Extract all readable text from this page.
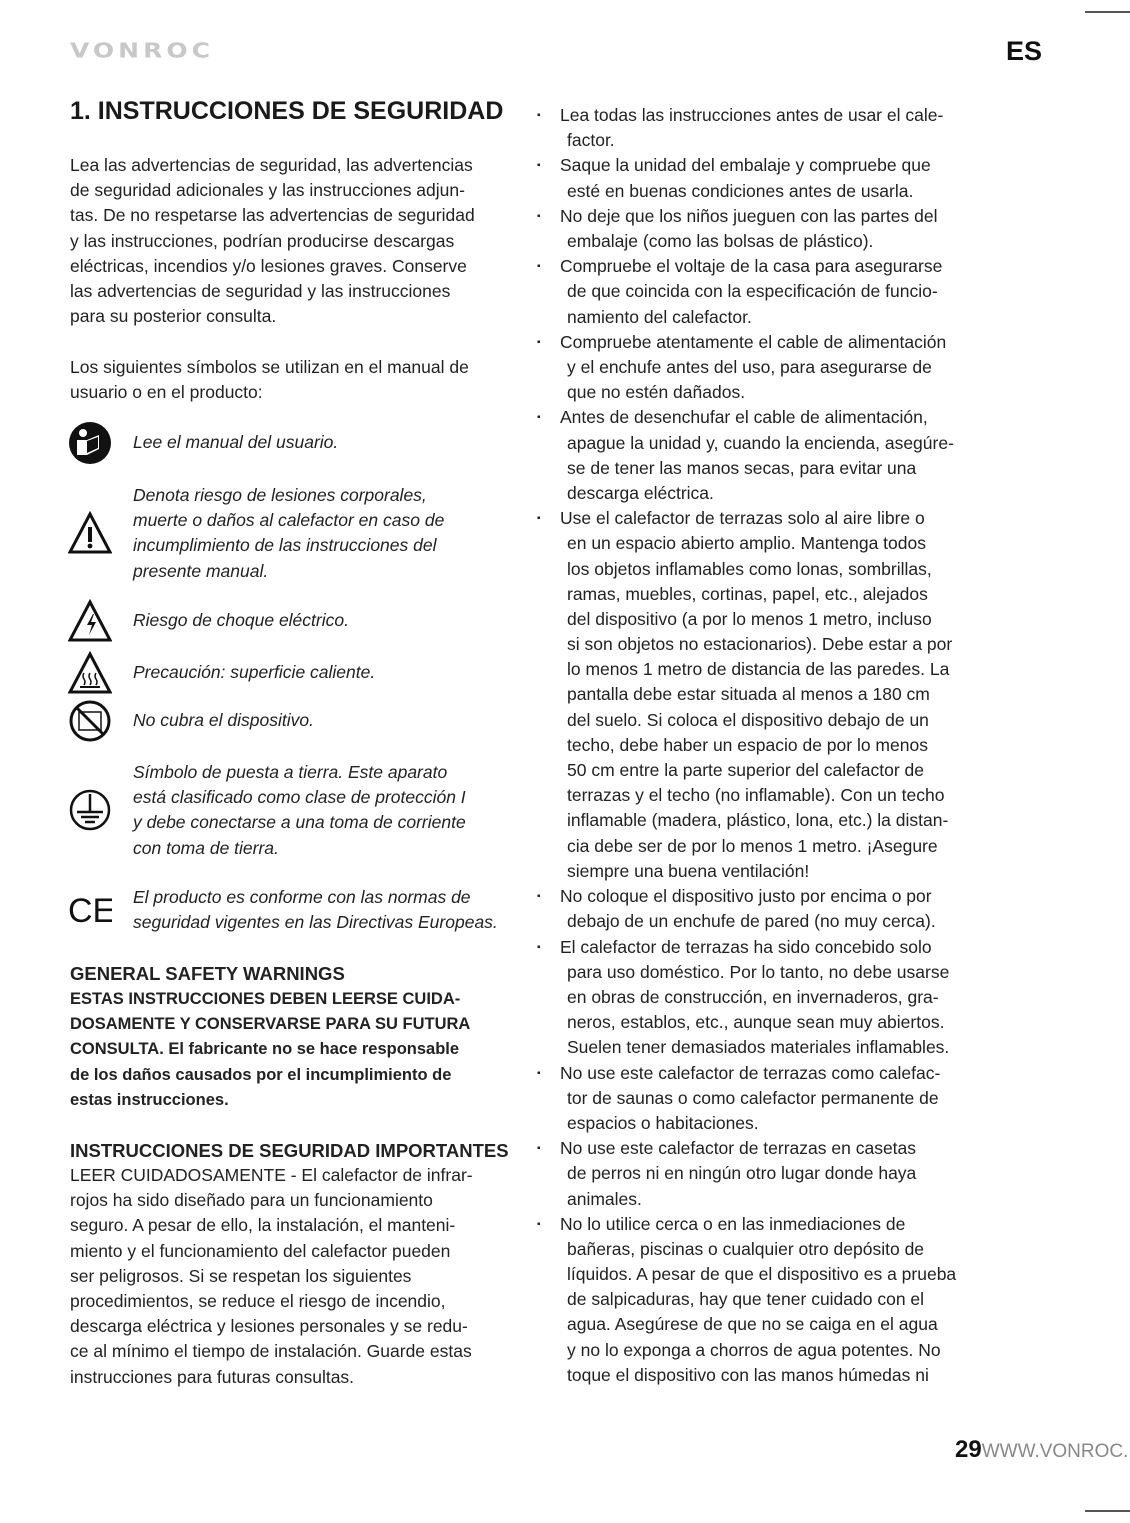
VONROC	ES
1. INSTRUCCIONES DE SEGURIDAD
Lea las advertencias de seguridad, las advertencias
de seguridad adicionales y las instrucciones adjun-
tas. De no respetarse las advertencias de seguridad
y las instrucciones, podrían producirse descargas
eléctricas, incendios y/o lesiones graves. Conserve
las advertencias de seguridad y las instrucciones
para su posterior consulta.
Los siguientes símbolos se utilizan en el manual de
usuario o en el producto:
Lee el manual del usuario.
Denota riesgo de lesiones corporales,
muerte o daños al calefactor en caso de
incumplimiento de las instrucciones del
presente manual.
Riesgo de choque eléctrico.
Precaución: superficie caliente.
No cubra el dispositivo.
Símbolo de puesta a tierra. Este aparato
está clasificado como clase de protección I
y debe conectarse a una toma de corriente
con toma de tierra.
CE El producto es conforme con las normas de
seguridad vigentes en las Directivas Europeas.
GENERAL SAFETY WARNINGS
ESTAS INSTRUCCIONES DEBEN LEERSE CUIDA-
DOSAMENTE Y CONSERVARSE PARA SU FUTURA
CONSULTA. El fabricante no se hace responsable
de los daños causados por el incumplimiento de
estas instrucciones.
INSTRUCCIONES DE SEGURIDAD IMPORTANTES
LEER CUIDADOSAMENTE - El calefactor de infrar-
rojos ha sido diseñado para un funcionamiento
seguro. A pesar de ello, la instalación, el manteni-
miento y el funcionamiento del calefactor pueden
ser peligrosos. Si se respetan los siguientes
procedimientos, se reduce el riesgo de incendio,
descarga eléctrica y lesiones personales y se redu-
ce al mínimo el tiempo de instalación. Guarde estas
instrucciones para futuras consultas.
▪	Lea todas las instrucciones antes de usar el cale-
factor.
▪	Saque la unidad del embalaje y compruebe que
esté en buenas condiciones antes de usarla.
▪	No deje que los niños jueguen con las partes del
embalaje (como las bolsas de plástico).
▪	Compruebe el voltaje de la casa para asegurarse
de que coincida con la especificación de funcio-
namiento del calefactor.
▪	Compruebe atentamente el cable de alimentación
y el enchufe antes del uso, para asegurarse de
que no estén dañados.
▪	Antes de desenchufar el cable de alimentación,
apague la unidad y, cuando la encienda, asegúre-
se de tener las manos secas, para evitar una
descarga eléctrica.
▪	Use el calefactor de terrazas solo al aire libre o
en un espacio abierto amplio. Mantenga todos
los objetos inflamables como lonas, sombrillas,
ramas, muebles, cortinas, papel, etc., alejados
del dispositivo (a por lo menos 1 metro, incluso
si son objetos no estacionarios). Debe estar a por
lo menos 1 metro de distancia de las paredes. La
pantalla debe estar situada al menos a 180 cm
del suelo. Si coloca el dispositivo debajo de un
techo, debe haber un espacio de por lo menos
50 cm entre la parte superior del calefactor de
terrazas y el techo (no inflamable). Con un techo
inflamable (madera, plástico, lona, etc.) la distan-
cia debe ser de por lo menos 1 metro. ¡Asegure
siempre una buena ventilación!
▪	No coloque el dispositivo justo por encima o por
debajo de un enchufe de pared (no muy cerca).
▪	El calefactor de terrazas ha sido concebido solo
para uso doméstico. Por lo tanto, no debe usarse
en obras de construcción, en invernaderos, gra-
neros, establos, etc., aunque sean muy abiertos.
Suelen tener demasiados materiales inflamables.
▪	No use este calefactor de terrazas como calefac-
tor de saunas o como calefactor permanente de
espacios o habitaciones.
▪	No use este calefactor de terrazas en casetas
de perros ni en ningún otro lugar donde haya
animales.
▪	No lo utilice cerca o en las inmediaciones de
bañeras, piscinas o cualquier otro depósito de
líquidos. A pesar de que el dispositivo es a prueba
de salpicaduras, hay que tener cuidado con el
agua. Asegúrese de que no se caiga en el agua
y no lo exponga a chorros de agua potentes. No
toque el dispositivo con las manos húmedas ni
29WWW.VONROC.
